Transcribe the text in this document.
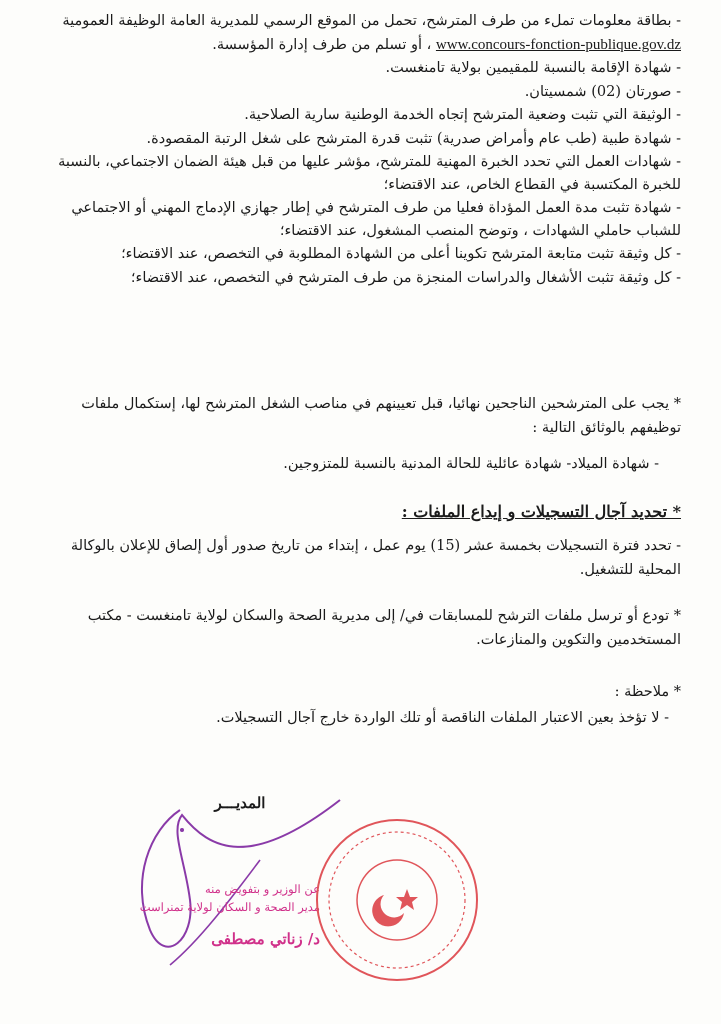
- بطاقة معلومات تملء من طرف المترشح، تحمل من الموقع الرسمي للمديرية العامة الوظيفة العمومية
www.concours-fonction-publique.gov.dz ، أو تسلم من طرف إدارة المؤسسة.
- شهادة الإقامة بالنسبة للمقيمين بولاية تامنغست.
- صورتان (02) شمسيتان.
- الوثيقة التي تثبت وضعية المترشح إتجاه الخدمة الوطنية سارية الصلاحية.
- شهادة طبية (طب عام وأمراض صدرية) تثبت قدرة المترشح على شغل الرتبة المقصودة.
- شهادات العمل التي تحدد الخبرة المهنية للمترشح، مؤشر عليها من قبل هيئة الضمان الاجتماعي، بالنسبة للخبرة المكتسبة في القطاع الخاص، عند الاقتضاء؛
- شهادة تثبت مدة العمل المؤداة فعليا من طرف المترشح في إطار جهازي الإدماج المهني أو الاجتماعي للشباب حاملي الشهادات ، وتوضح المنصب المشغول، عند الاقتضاء؛
- كل وثيقة تثبت متابعة المترشح تكوينا أعلى من الشهادة المطلوبة في التخصص، عند الاقتضاء؛
- كل وثيقة تثبت الأشغال والدراسات المنجزة من طرف المترشح في التخصص، عند الاقتضاء؛

* يجب على المترشحين الناجحين نهائيا، قبل تعيينهم في مناصب الشغل المترشح لها، إستكمال ملفات توظيفهم بالوثائق التالية :

- شهادة الميلاد- شهادة عائلية للحالة المدنية بالنسبة للمتزوجين.

* تحديد آجال التسجيلات و إيداع الملفات :

- تحدد فترة التسجيلات بخمسة عشر (15) يوم عمل ، إبتداء من تاريخ صدور أول إلصاق للإعلان بالوكالة المحلية للتشغيل.

* تودع أو ترسل ملفات الترشح للمسابقات في/ إلى مديرية الصحة والسكان لولاية تامنغست - مكتب المستخدمين والتكوين والمنازعات.

* ملاحظة :

- لا تؤخذ بعين الاعتبار الملفات الناقصة أو تلك الواردة خارج آجال التسجيلات.

المديـــر
عن الوزير و بتفويض منه
مدير الصحة و السكان لولاية تمنراست
د/ زناتي مصطفى
